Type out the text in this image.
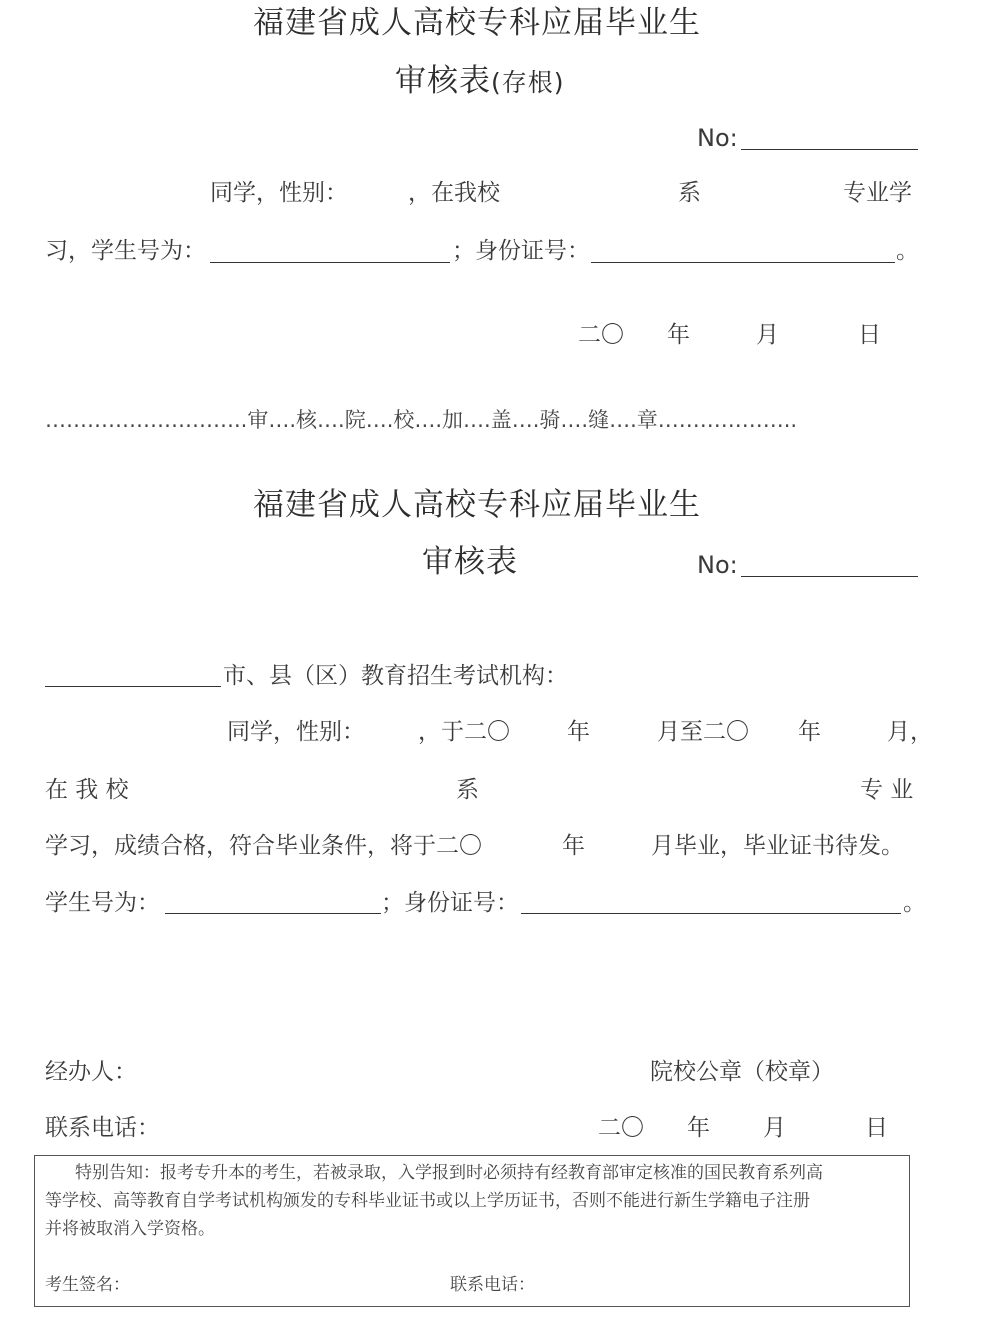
福建省成人高校专科应届毕业生
审核表(存根)
No:
同学，性别：	，在我校	系	专业学
习，学生号为：	；身份证号：	。
二〇 年	月	日
………………………..审….核….院….校….加….盖….骑….缝….章………………..
福建省成人高校专科应届毕业生
审核表	No:
市、县（区）教育招生考试机构：
同学，性别： ，于二〇 年	月至二〇 年	月，
在 我 校	系	专 业
学习，成绩合格，符合毕业条件，将于二〇	年	月毕业，毕业证书待发。
学生号为：	；身份证号：	。
经办人：	院校公章（校章）
联系电话：	二〇 年 月	日
特别告知：报考专升本的考生，若被录取，入学报到时必须持有经教育部审定核准的国民教育系列高
等学校、高等教育自学考试机构颁发的专科毕业证书或以上学历证书，否则不能进行新生学籍电子注册
并将被取消入学资格。
考生签名：	联系电话：
